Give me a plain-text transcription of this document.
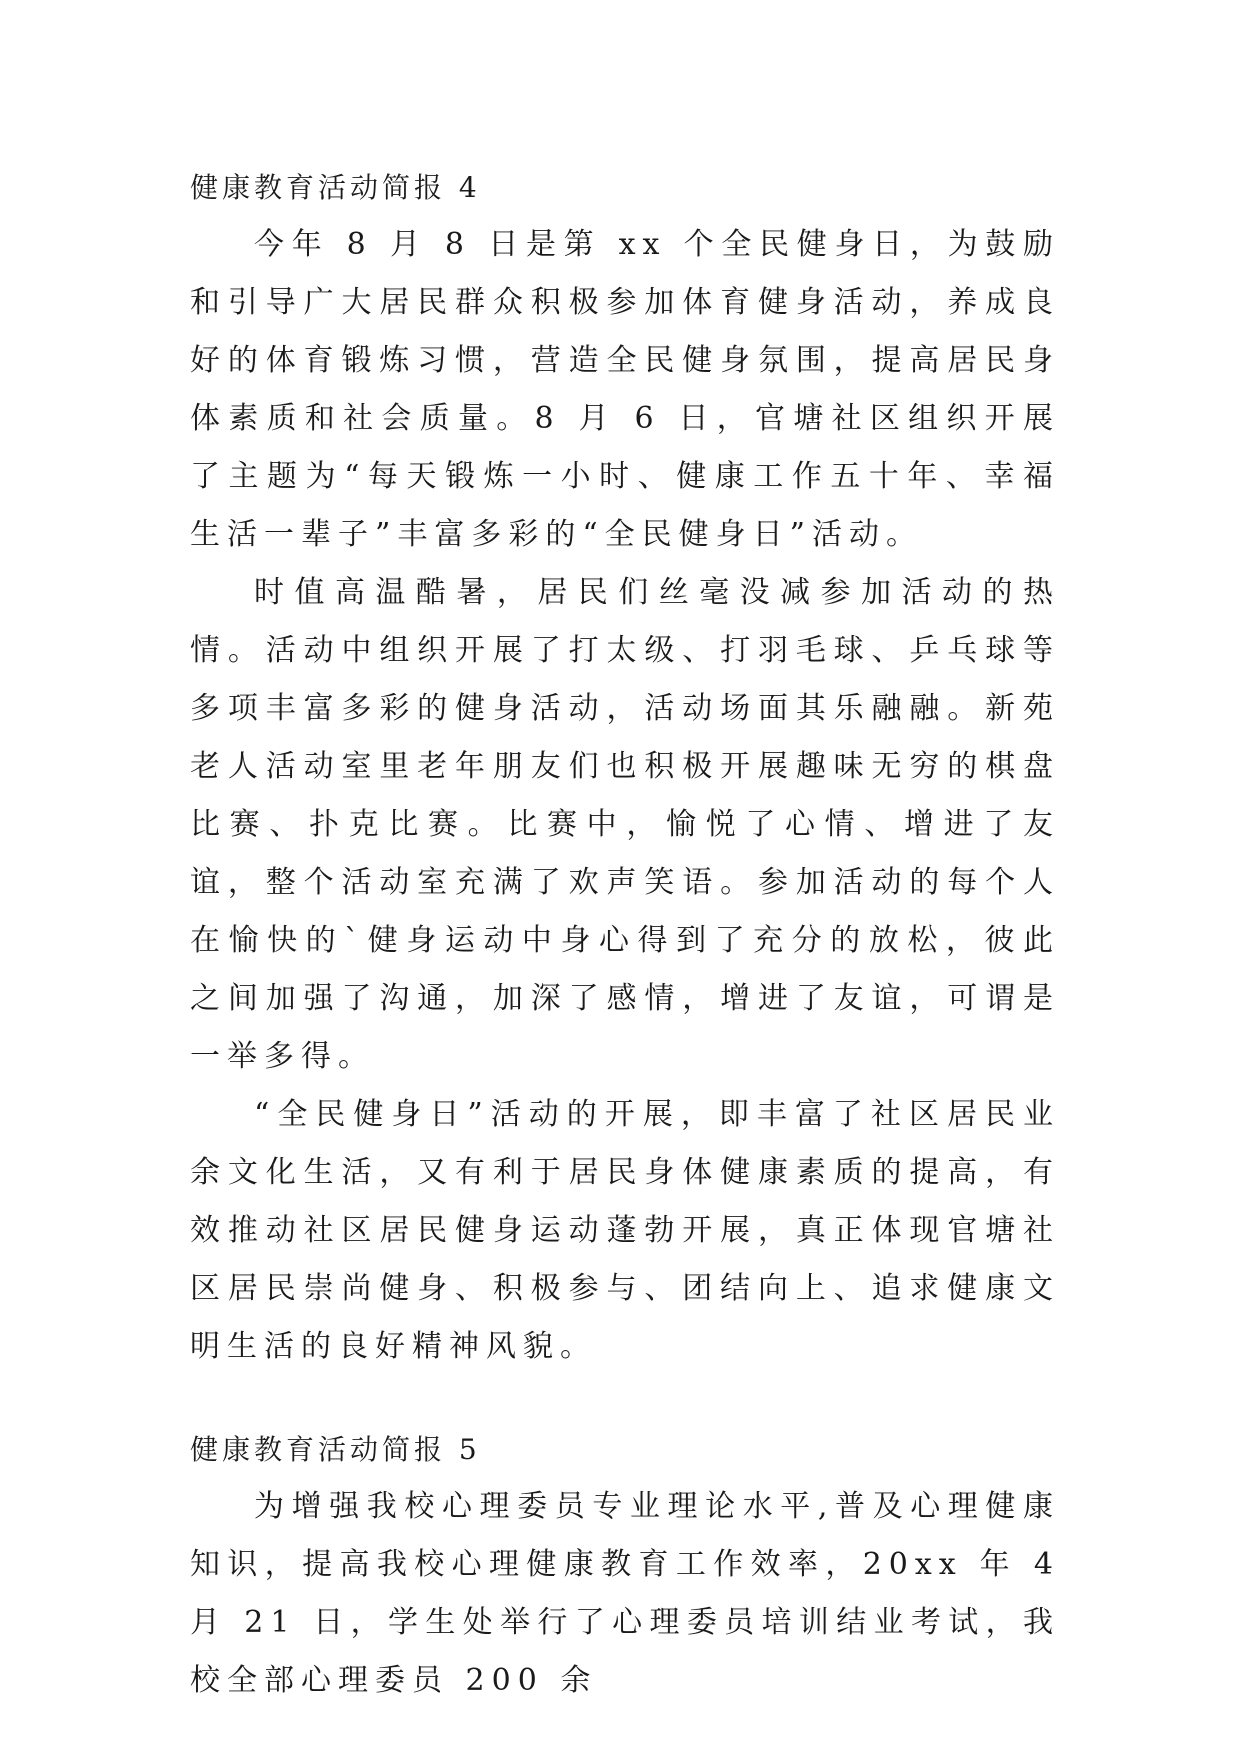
健康教育活动简报 4

今年 8 月 8 日是第 xx 个全民健身日，为鼓励和引导广大居民群众积极参加体育健身活动，养成良好的体育锻炼习惯，营造全民健身氛围，提高居民身体素质和社会质量。8 月 6 日，官塘社区组织开展了主题为“每天锻炼一小时、健康工作五十年、幸福生活一辈子”丰富多彩的“全民健身日”活动。

时值高温酷暑，居民们丝毫没减参加活动的热情。活动中组织开展了打太级、打羽毛球、乒乓球等多项丰富多彩的健身活动，活动场面其乐融融。新苑老人活动室里老年朋友们也积极开展趣味无穷的棋盘比赛、扑克比赛。比赛中，愉悦了心情、增进了友谊，整个活动室充满了欢声笑语。参加活动的每个人在愉快的`健身运动中身心得到了充分的放松，彼此之间加强了沟通，加深了感情，增进了友谊，可谓是一举多得。

“全民健身日”活动的开展，即丰富了社区居民业余文化生活，又有利于居民身体健康素质的提高，有效推动社区居民健身运动蓬勃开展，真正体现官塘社区居民崇尚健身、积极参与、团结向上、追求健康文明生活的良好精神风貌。

健康教育活动简报 5

为增强我校心理委员专业理论水平,普及心理健康知识，提高我校心理健康教育工作效率，20xx 年 4 月 21 日，学生处举行了心理委员培训结业考试，我校全部心理委员 200 余
